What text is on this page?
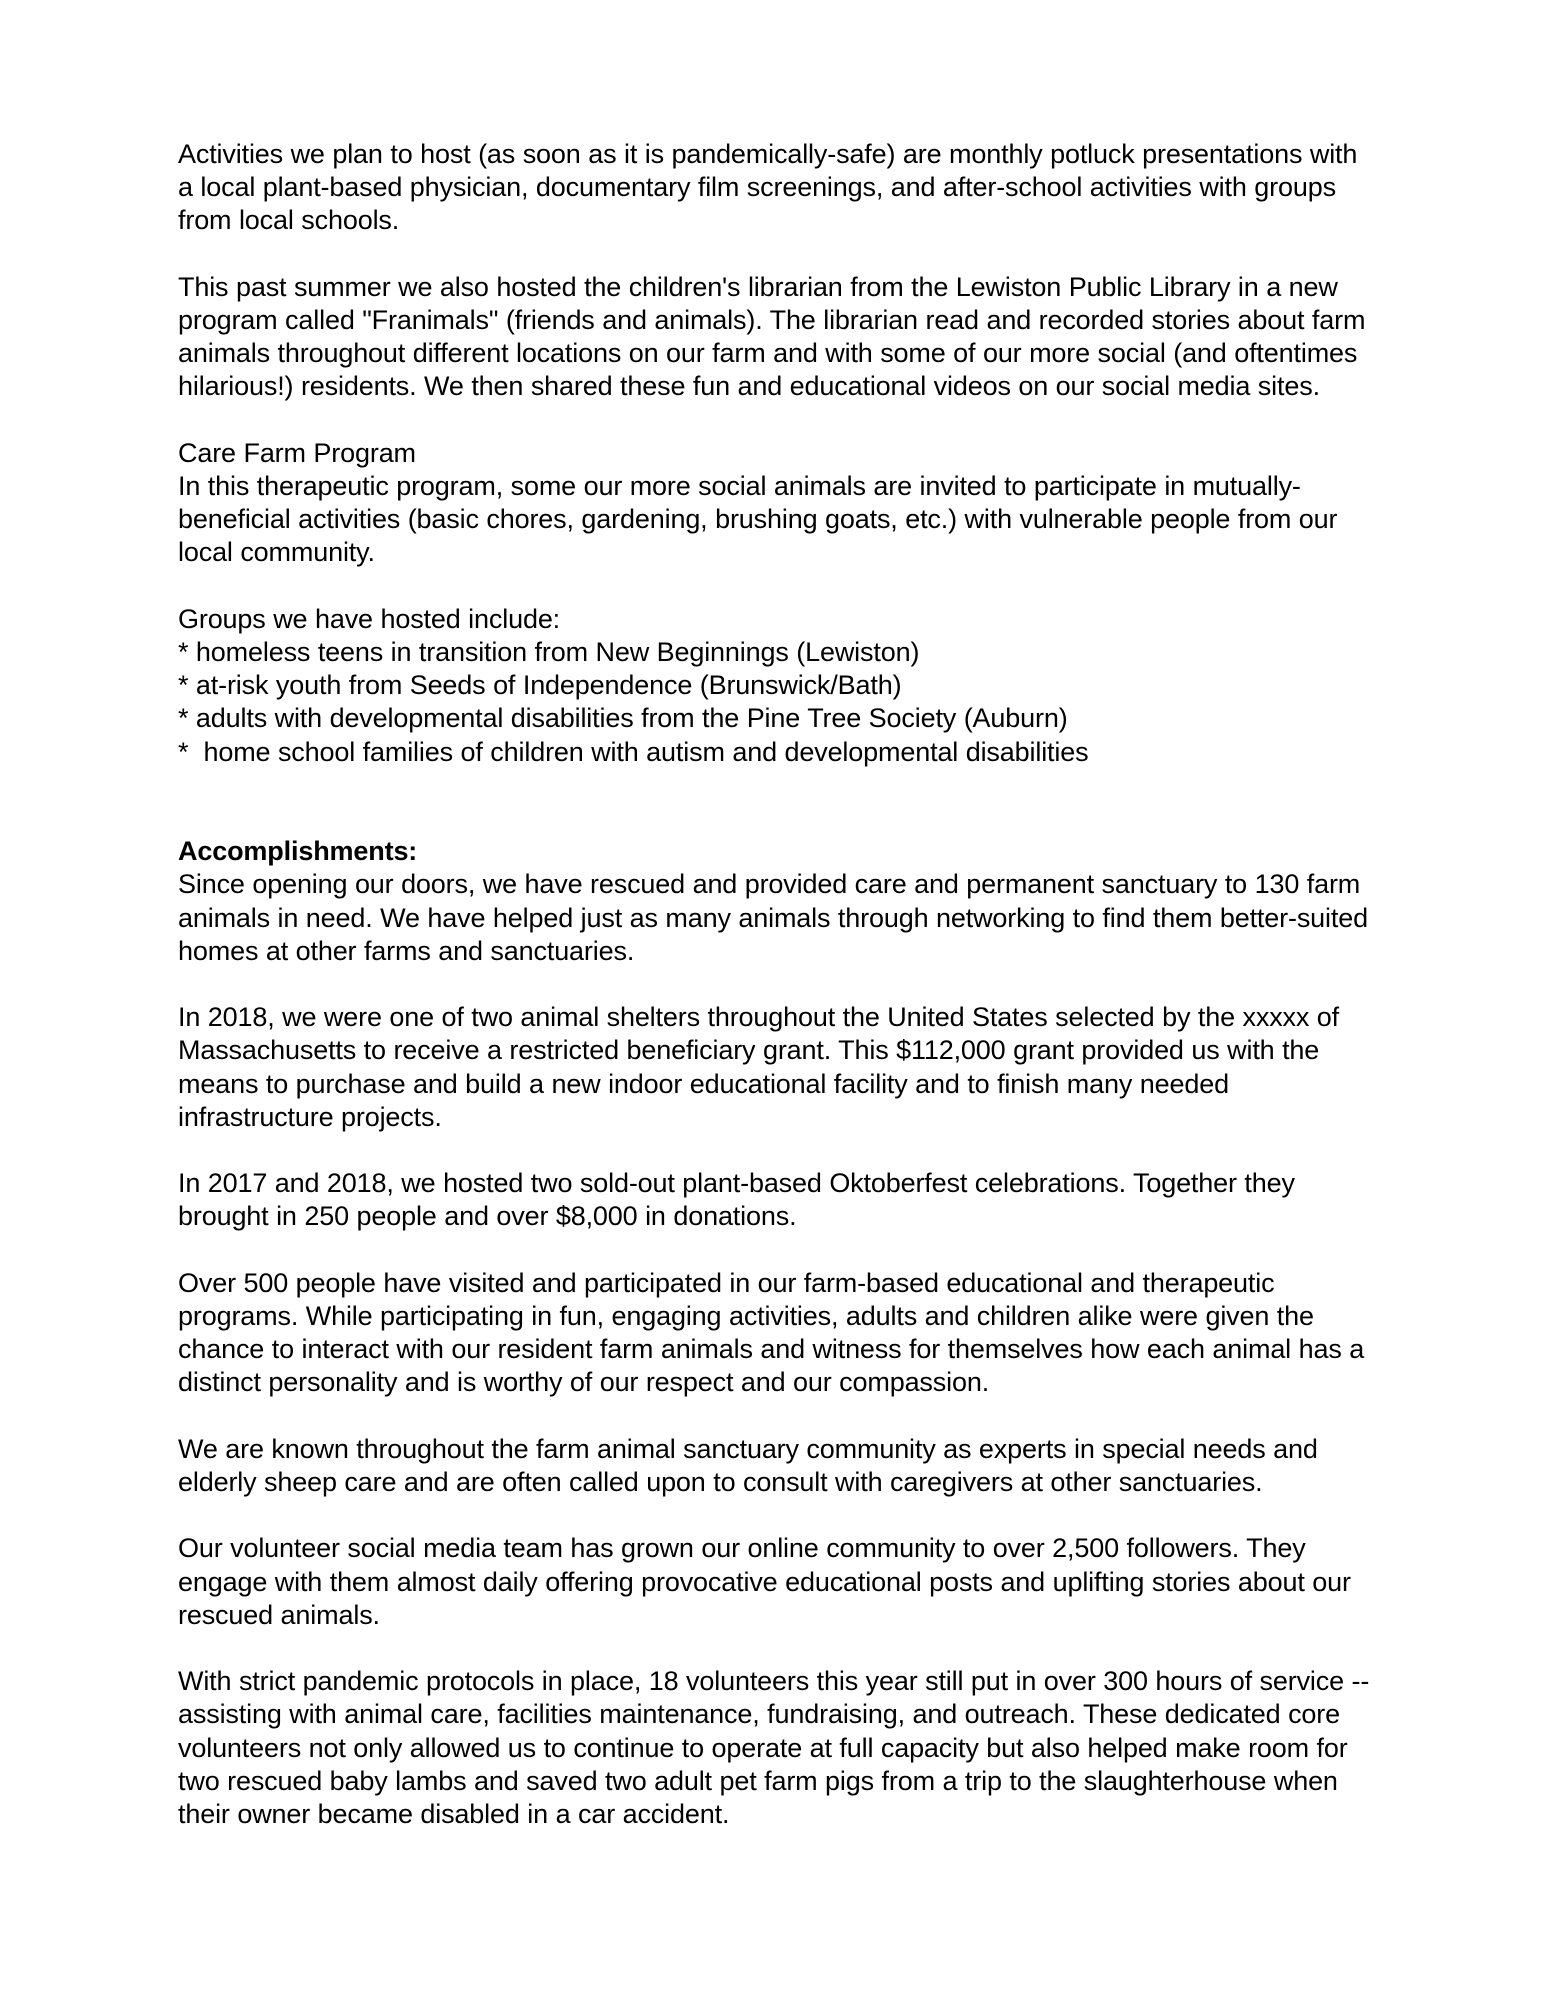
Activities we plan to host (as soon as it is pandemically-safe) are monthly potluck presentations with a local plant-based physician, documentary film screenings, and after-school activities with groups from local schools.

This past summer we also hosted the children's librarian from the Lewiston Public Library in a new program called "Franimals" (friends and animals). The librarian read and recorded stories about farm animals throughout different locations on our farm and with some of our more social (and oftentimes hilarious!) residents. We then shared these fun and educational videos on our social media sites.

Care Farm Program

In this therapeutic program, some our more social animals are invited to participate in mutually-beneficial activities (basic chores, gardening, brushing goats, etc.) with vulnerable people from our local community.

Groups we have hosted include:

* homeless teens in transition from New Beginnings (Lewiston)

* at-risk youth from Seeds of Independence (Brunswick/Bath)

* adults with developmental disabilities from the Pine Tree Society (Auburn)

*  home school families of children with autism and developmental disabilities

Accomplishments:

Since opening our doors, we have rescued and provided care and permanent sanctuary to 130 farm animals in need. We have helped just as many animals through networking to find them better-suited homes at other farms and sanctuaries.

In 2018, we were one of two animal shelters throughout the United States selected by the xxxxx of Massachusetts to receive a restricted beneficiary grant. This $112,000 grant provided us with the means to purchase and build a new indoor educational facility and to finish many needed infrastructure projects.

In 2017 and 2018, we hosted two sold-out plant-based Oktoberfest celebrations. Together they brought in 250 people and over $8,000 in donations.

Over 500 people have visited and participated in our farm-based educational and therapeutic programs. While participating in fun, engaging activities, adults and children alike were given the chance to interact with our resident farm animals and witness for themselves how each animal has a distinct personality and is worthy of our respect and our compassion.

We are known throughout the farm animal sanctuary community as experts in special needs and elderly sheep care and are often called upon to consult with caregivers at other sanctuaries.

Our volunteer social media team has grown our online community to over 2,500 followers. They engage with them almost daily offering provocative educational posts and uplifting stories about our rescued animals.

With strict pandemic protocols in place, 18 volunteers this year still put in over 300 hours of service -- assisting with animal care, facilities maintenance, fundraising, and outreach. These dedicated core volunteers not only allowed us to continue to operate at full capacity but also helped make room for two rescued baby lambs and saved two adult pet farm pigs from a trip to the slaughterhouse when their owner became disabled in a car accident.
